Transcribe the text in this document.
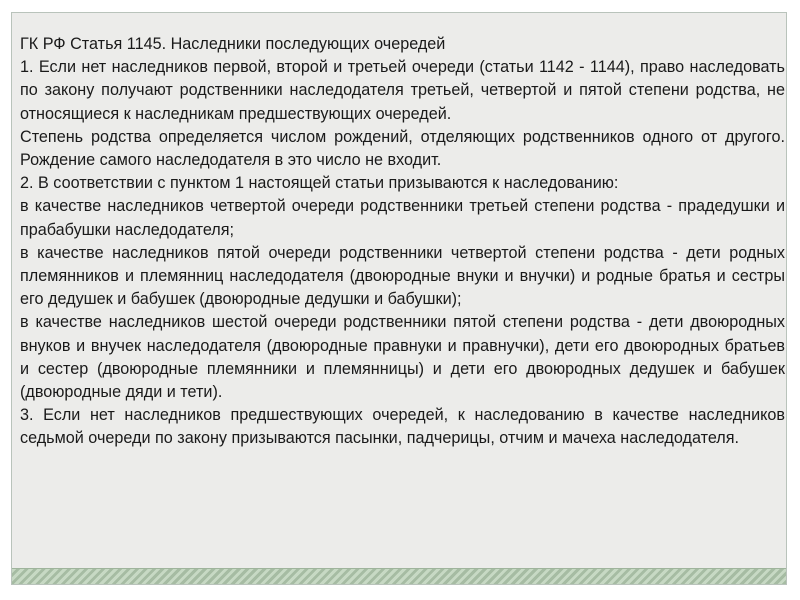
ГК РФ Статья 1145. Наследники последующих очередей

1. Если нет наследников первой, второй и третьей очереди (статьи 1142 - 1144), право наследовать по закону получают родственники наследодателя третьей, четвертой и пятой степени родства, не относящиеся к наследникам предшествующих очередей.

Степень родства определяется числом рождений, отделяющих родственников одного от другого. Рождение самого наследодателя в это число не входит.

2. В соответствии с пунктом 1 настоящей статьи призываются к наследованию:

в качестве наследников четвертой очереди родственники третьей степени родства - прадедушки и прабабушки наследодателя;

в качестве наследников пятой очереди родственники четвертой степени родства - дети родных племянников и племянниц наследодателя (двоюродные внуки и внучки) и родные братья и сестры его дедушек и бабушек (двоюродные дедушки и бабушки);

в качестве наследников шестой очереди родственники пятой степени родства - дети двоюродных внуков и внучек наследодателя (двоюродные правнуки и правнучки), дети его двоюродных братьев и сестер (двоюродные племянники и племянницы) и дети его двоюродных дедушек и бабушек (двоюродные дяди и тети).

3. Если нет наследников предшествующих очередей, к наследованию в качестве наследников седьмой очереди по закону призываются пасынки, падчерицы, отчим и мачеха наследодателя.
